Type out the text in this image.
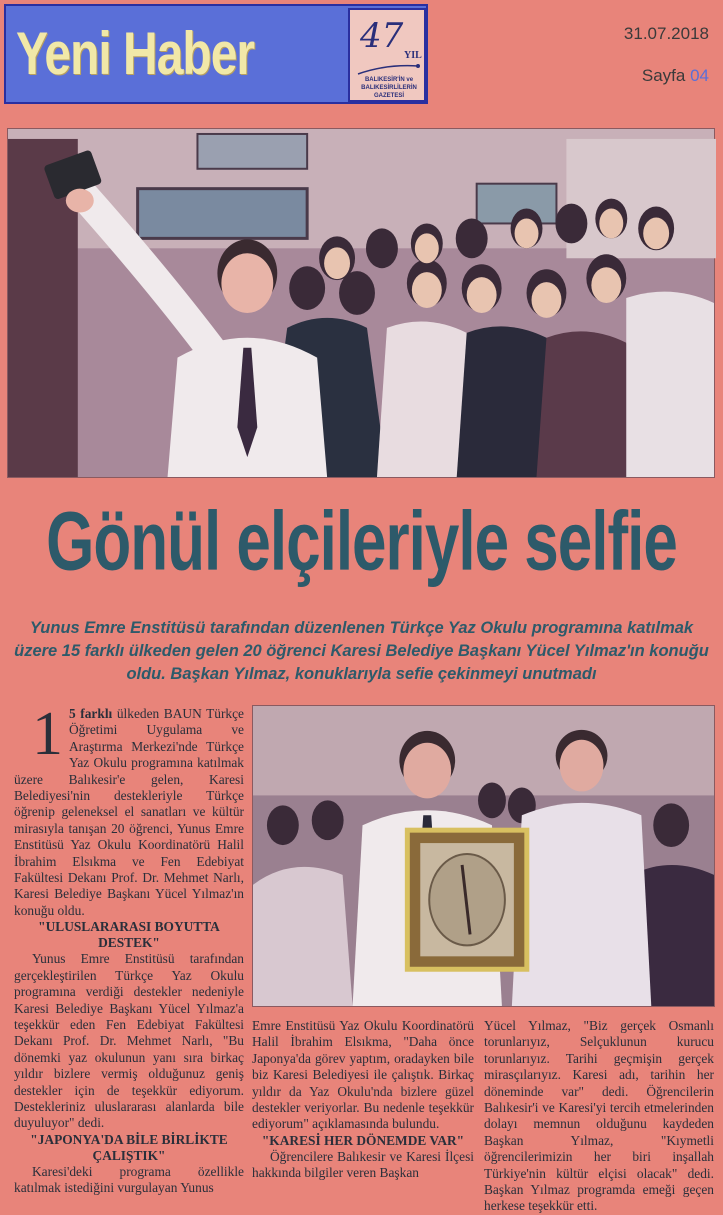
Yeni Haber	47 YIL
BALIKESİR'İN ve BALIKESİRLİLERİN GAZETESİ
31.07.2018
Sayfa 04
Gönül elçileriyle selfie
Yunus Emre Enstitüsü tarafından düzenlenen Türkçe Yaz Okulu programına katılmak üzere 15 farklı ülkeden gelen 20 öğrenci Karesi Belediye Başkanı Yücel Yılmaz'ın konuğu oldu. Başkan Yılmaz, konuklarıyla sefie çekinmeyi unutmadı

1 5 farklı ülkeden BAUN Türkçe Öğretimi Uygulama ve Araştırma Merkezi'nde Türkçe Yaz Okulu programına katılmak üzere Balıkesir'e gelen, Karesi Belediyesi'nin destekleriyle Türkçe öğrenip geleneksel el sanatları ve kültür mirasıyla tanışan 20 öğrenci, Yunus Emre Enstitüsü Yaz Okulu Koordinatörü Halil İbrahim Elsıkma ve Fen Edebiyat Fakültesi Dekanı Prof. Dr. Mehmet Narlı, Karesi Belediye Başkanı Yücel Yılmaz'ın konuğu oldu.

"ULUSLARARASI BOYUTTA DESTEK"

Yunus Emre Enstitüsü tarafından gerçekleştirilen Türkçe Yaz Okulu programına verdiği destekler nedeniyle Karesi Belediye Başkanı Yücel Yılmaz'a teşekkür eden Fen Edebiyat Fakültesi Dekanı Prof. Dr. Mehmet Narlı, "Bu dönemki yaz okulunun yanı sıra birkaç yıldır bizlere vermiş olduğunuz geniş destekler için de teşekkür ediyorum. Destekleriniz uluslararası alanlarda bile duyuluyor" dedi.

"JAPONYA'DA BİLE BİRLİKTE ÇALIŞTIK"

Karesi'deki programa özellikle katılmak istediğini vurgulayan Yunus

Emre Enstitüsü Yaz Okulu Koordinatörü Halil İbrahim Elsıkma, "Daha önce Japonya'da görev yaptım, oradayken bile biz Karesi Belediyesi ile çalıştık. Birkaç yıldır da Yaz Okulu'nda bizlere güzel destekler veriyorlar. Bu nedenle teşekkür ediyorum" açıklamasında bulundu.

"KARESİ HER DÖNEMDE VAR"

Öğrencilere Balıkesir ve Karesi İlçesi hakkında bilgiler veren Başkan

Yücel Yılmaz, "Biz gerçek Osmanlı torunlarıyız, Selçuklunun kurucu torunlarıyız. Tarihi geçmişin gerçek mirasçılarıyız. Karesi adı, tarihin her döneminde var" dedi. Öğrencilerin Balıkesir'i ve Karesi'yi tercih etmelerinden dolayı memnun olduğunu kaydeden Başkan Yılmaz, "Kıymetli öğrencilerimizin her biri inşallah Türkiye'nin kültür elçisi olacak" dedi. Başkan Yılmaz programda emeği geçen herkese teşekkür etti.
